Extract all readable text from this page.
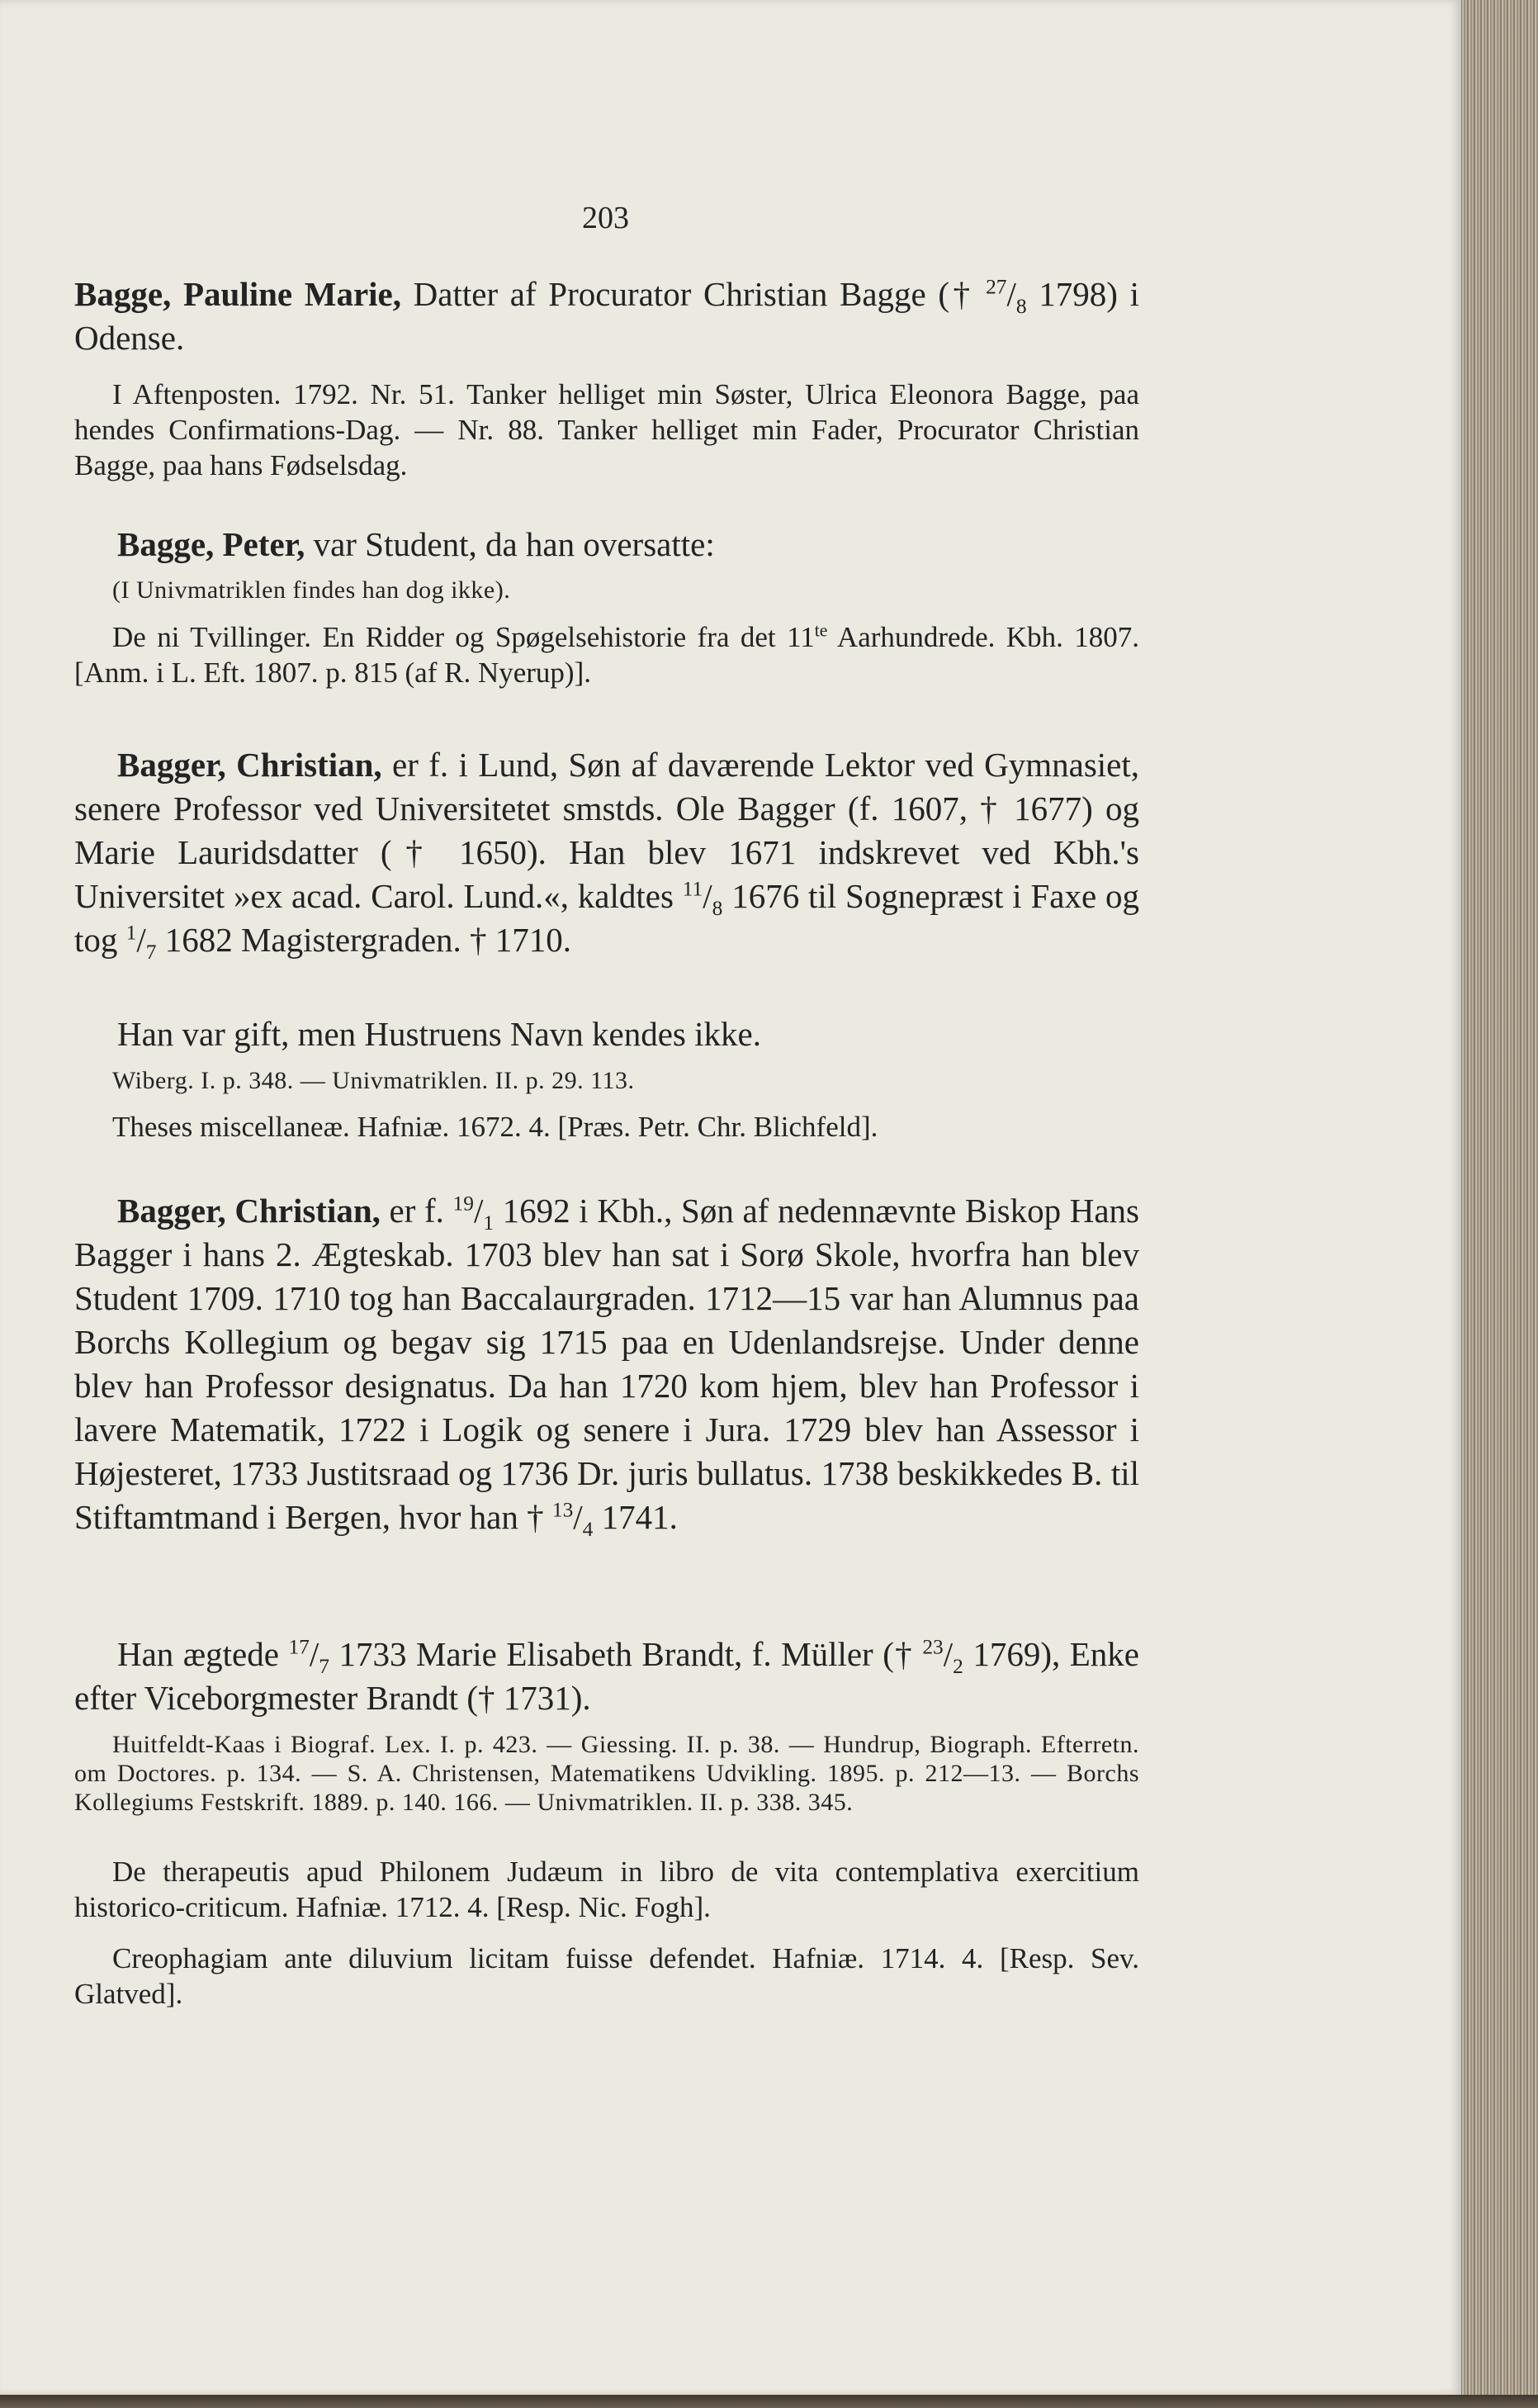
203

Bagge, Pauline Marie, Datter af Procurator Christian Bagge († $^{27}/_8$ 1798) i Odense.

I Aftenposten. 1792. Nr. 51. Tanker helliget min Søster, Ulrica Eleonora Bagge, paa hendes Confirmations-Dag. — Nr. 88. Tanker helliget min Fader, Procurator Christian Bagge, paa hans Fødselsdag.

Bagge, Peter, var Student, da han oversatte:

(I Univmatriklen findes han dog ikke).

De ni Tvillinger. En Ridder og Spøgelsehistorie fra $\det 11^{te}$ Aarhundrede. Kbh. 1807. [Anm. i L. Eft. 1807. p. 815 (af R. Nyerup)].

Bagger, Christian, er f. i Lund, Søn af daværende Lektor ved Gymnasiet, senere Professor ved Universitetet smstds. Ole Bagger (f. 1607, † 1677) og Marie Lauridsdatter († 1650). Han blev 1671 indskrevet ved Kbh.'s Universitet »ex acad. Carol. Lund.«, kaldtes $^{11}/_8$ 1676 til Sognepræst i Faxe og tog $^1/_7$ 1682 Magistergraden. † 1710.

Han var gift, men Hustruens Navn kendes ikke.

Wiberg. I. p. 348. — Univmatriklen. II. p. 29. 113.

Theses miscellaneæ. Hafniæ. 1672. 4. [Præs. Petr. Chr. Blichfeld].

Bagger, Christian, er f. $^{19}/_1$ 1692 i Kbh., Søn af nedennævnte Biskop Hans Bagger i hans 2. Ægteskab. 1703 blev han sat i Sorø Skole, hvorfra han blev Student 1709. 1710 tog han Baccalaurgraden. 1712—15 var han Alumnus paa Borchs Kollegium og begav sig 1715 paa en Udenlandsrejse. Under denne blev han Professor designatus. Da han 1720 kom hjem, blev han Professor i lavere Matematik, 1722 i Logik og senere i Jura. 1729 blev han Assessor i Højesteret, 1733 Justitsraad og 1736 Dr. juris bullatus. 1738 beskikkedes B. til Stiftamtmand i Bergen, hvor han † $^{13}/_4$ 1741.

Han ægtede $^{17}/_7$ 1733 Marie Elisabeth Brandt, f. Müller († $^{23}/_2$ 1769), Enke efter Viceborgmester Brandt († 1731).

Huitfeldt-Kaas i Biograf. Lex. I. p. 423. — Giessing. II. p. 38. — Hundrup, Biograph. Efterretn. om Doctores. p. 134. — S. A. Christensen, Matematikens Udvikling. 1895. p. 212—13. — Borchs Kollegiums Festskrift. 1889. p. 140. 166. — Univmatriklen. II. p. 338. 345.

De therapeutis apud Philonem Judæum in libro de vita contemplativa exercitium historico-criticum. Hafniæ. 1712. 4. [Resp. Nic. Fogh].

Creophagiam ante diluvium licitam fuisse defendet. Hafniæ. 1714. 4. [Resp. Sev. Glatved].
